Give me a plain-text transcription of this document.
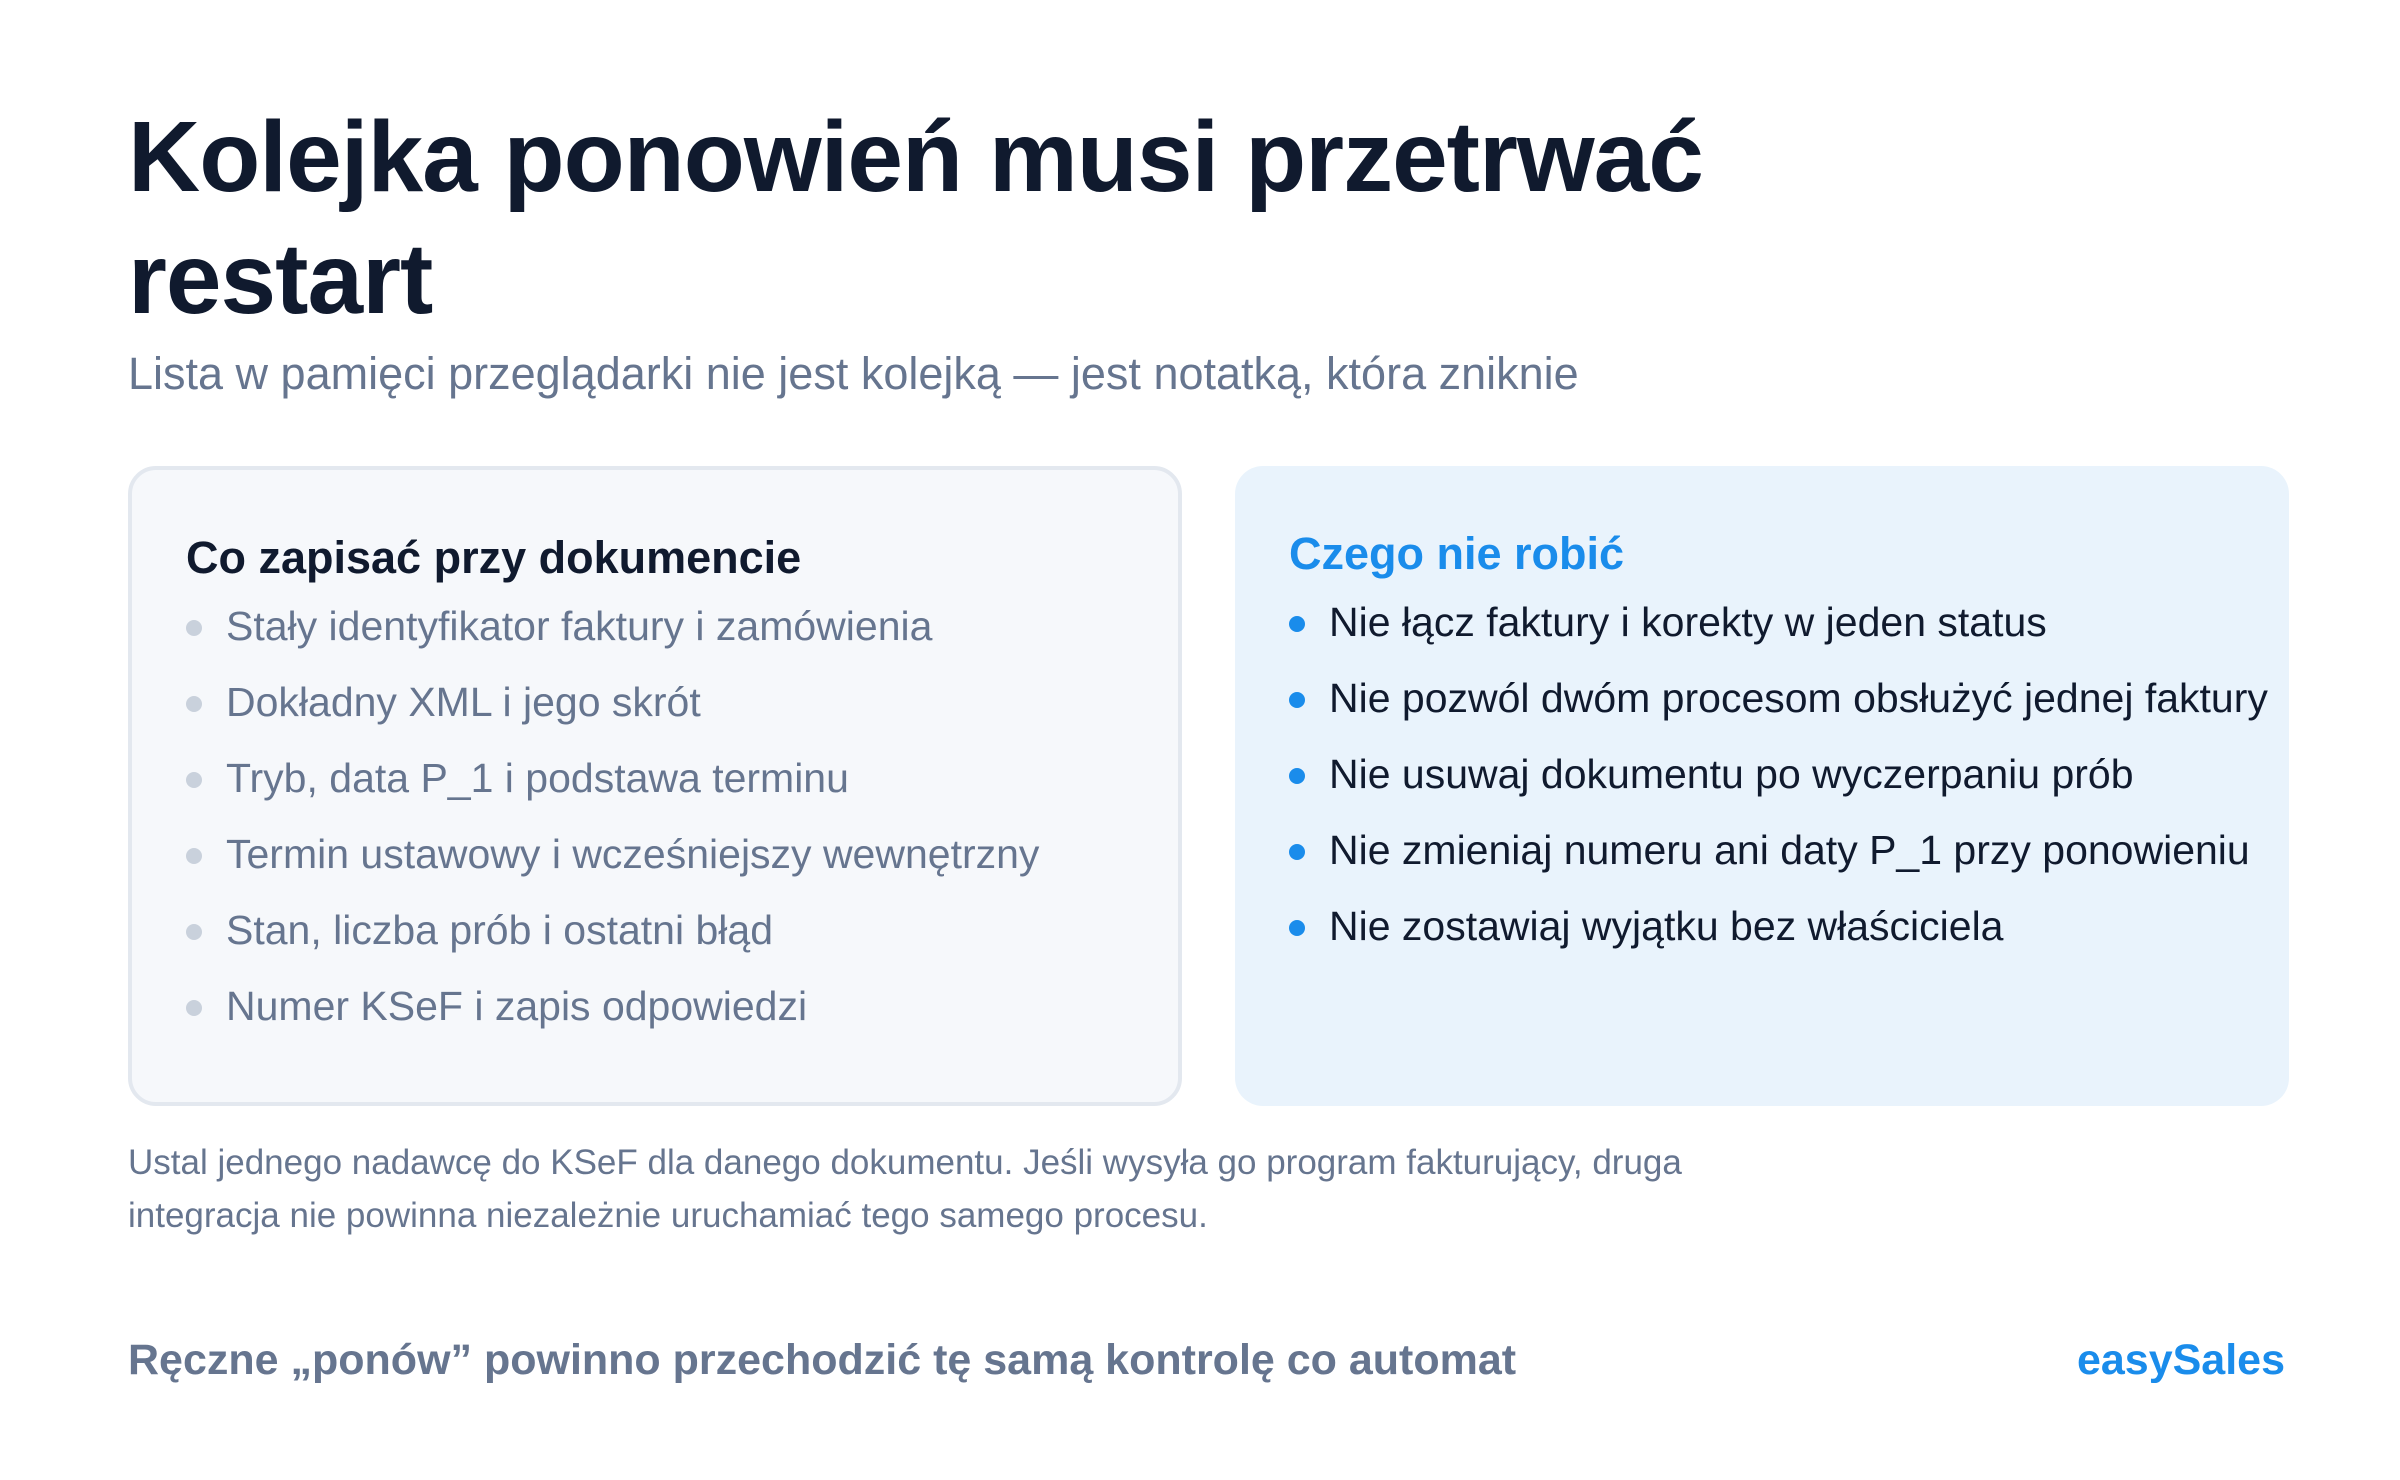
Kolejka ponowień musi przetrwać restart

Lista w pamięci przeglądarki nie jest kolejką — jest notatką, która zniknie

Co zapisać przy dokumencie
Stały identyfikator faktury i zamówienia
Dokładny XML i jego skrót
Tryb, data P_1 i podstawa terminu
Termin ustawowy i wcześniejszy wewnętrzny
Stan, liczba prób i ostatni błąd
Numer KSeF i zapis odpowiedzi
Czego nie robić
Nie łącz faktury i korekty w jeden status
Nie pozwól dwóm procesom obsłużyć jednej faktury
Nie usuwaj dokumentu po wyczerpaniu prób
Nie zmieniaj numeru ani daty P_1 przy ponowieniu
Nie zostawiaj wyjątku bez właściciela

Ustal jednego nadawcę do KSeF dla danego dokumentu. Jeśli wysyła go program fakturujący, druga integracja nie powinna niezależnie uruchamiać tego samego procesu.

Ręczne „ponów” powinno przechodzić tę samą kontrolę co automat	easySales
